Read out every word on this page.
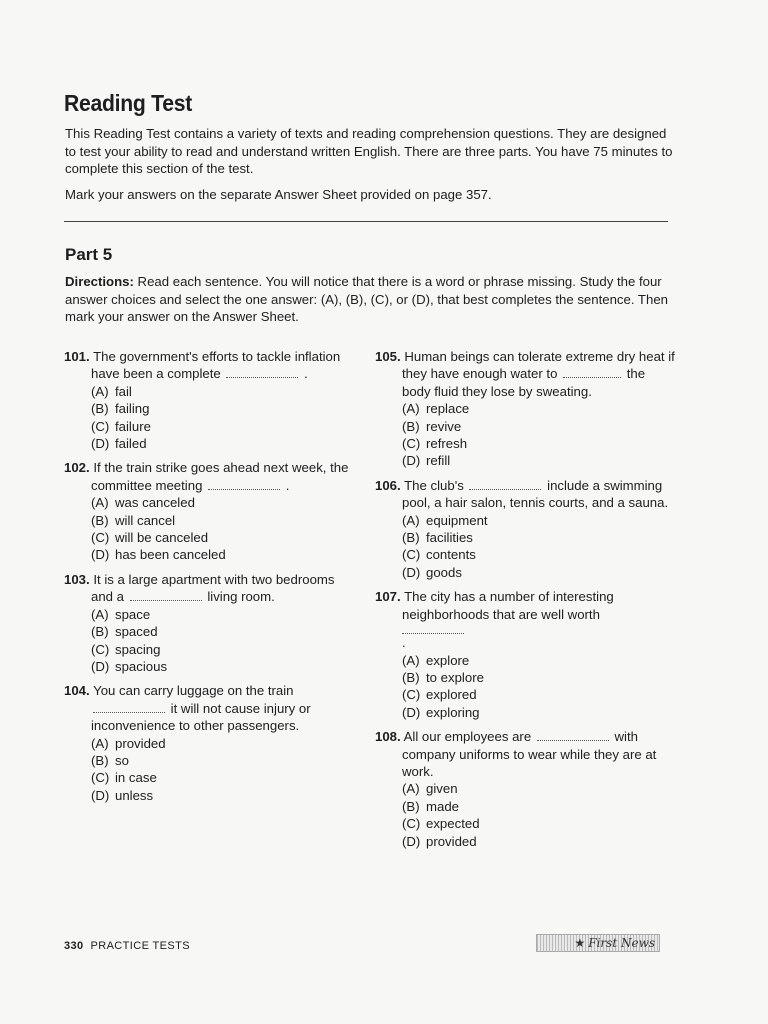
Reading Test

This Reading Test contains a variety of texts and reading comprehension questions. They are designed to test your ability to read and understand written English. There are three parts. You have 75 minutes to complete this section of the test.

Mark your answers on the separate Answer Sheet provided on page 357.

Part 5
Directions: Read each sentence. You will notice that there is a word or phrase missing. Study the four answer choices and select the one answer: (A), (B), (C), or (D), that best completes the sentence. Then mark your answer on the Answer Sheet.
101. The government's efforts to tackle inflation have been a complete	.
(A) fail
(B) failing
(C) failure
(D) failed
102. If the train strike goes ahead next week, the committee meeting	.
(A) was canceled
(B) will cancel
(C) will be canceled
(D) has been canceled
103. It is a large apartment with two bedrooms and a	living room.
(A) space
(B) spaced
(C) spacing
(D) spacious
104. You can carry luggage on the train  it will not cause injury or inconvenience to other passengers.
(A) provided
(B) so
(C) in case
(D) unless
105. Human beings can tolerate extreme dry heat if they have enough water to	the body fluid they lose by sweating.
(A) replace
(B) revive
(C) refresh
(D) refill
106. The club's	include a swimming pool, a hair salon, tennis courts, and a sauna.
(A) equipment
(B) facilities
(C) contents
(D) goods
107. The city has a number of interesting neighborhoods that are well worth
.
(A) explore
(B) to explore
(C) explored
(D) exploring
108. All our employees are	with company uniforms to wear while they are at work.
(A) given
(B) made
(C) expected
(D) provided
330 PRACTICE TESTS	★ First News
